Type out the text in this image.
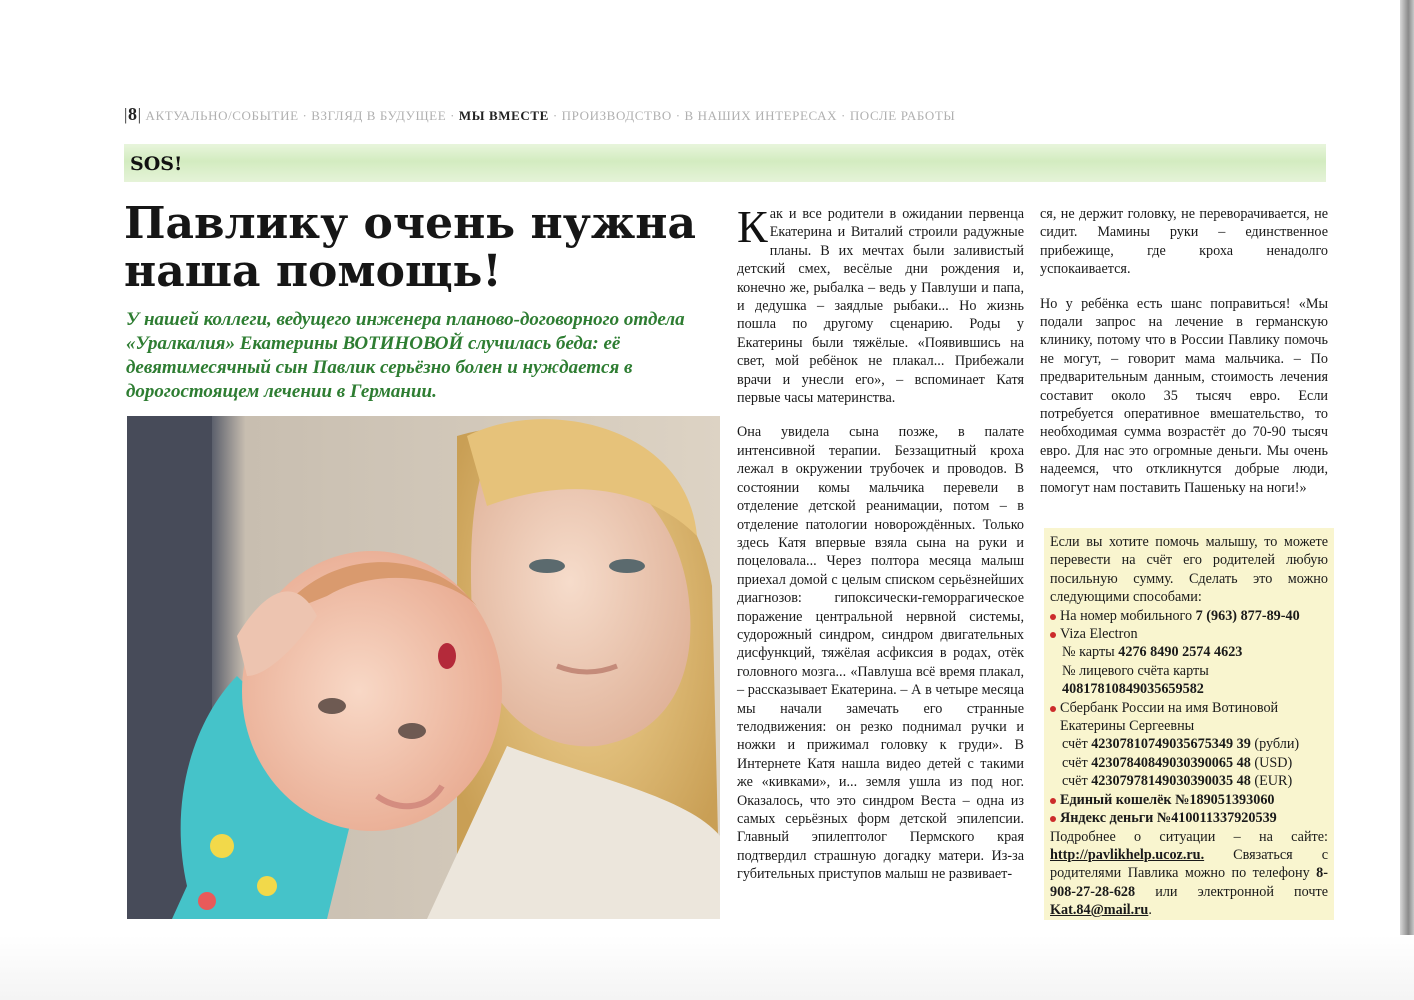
|8| АКТУАЛЬНО/СОБЫТИЕ · ВЗГЛЯД В БУДУЩЕЕ · МЫ ВМЕСТЕ · ПРОИЗВОДСТВО · В НАШИХ ИНТЕРЕСАХ · ПОСЛЕ РАБОТЫ
SOS!
Павлику очень нужна
наша помощь!

У нашей коллеги, ведущего инженера планово-договорного отдела «Уралкалия» Екатерины ВОТИНОВОЙ случилась беда: её девятимесячный сын Павлик серьёзно болен и нуждается в дорогостоящем лечении в Германии.

Как и все родители в ожидании первенца Екатерина и Виталий строили радужные планы. В их мечтах были заливистый детский смех, весёлые дни рождения и, конечно же, рыбалка – ведь у Павлуши и папа, и дедушка – заядлые рыбаки... Но жизнь пошла по другому сценарию. Роды у Екатерины были тяжёлые. «Появившись на свет, мой ребёнок не плакал... Прибежали врачи и унесли его», – вспоминает Катя первые часы материнства.

Она увидела сына позже, в палате интенсивной терапии. Беззащитный кроха лежал в окружении трубочек и проводов. В состоянии комы мальчика перевели в отделение детской реанимации, потом – в отделение патологии новорождённых. Только здесь Катя впервые взяла сына на руки и поцеловала... Через полтора месяца малыш приехал домой с целым списком серьёзнейших диагнозов: гипоксически-геморрагическое поражение центральной нервной системы, судорожный синдром, синдром двигательных дисфункций, тяжёлая асфиксия в родах, отёк головного мозга... «Павлуша всё время плакал, – рассказывает Екатерина. – А в четыре месяца мы начали замечать его странные телодвижения: он резко поднимал ручки и ножки и прижимал головку к груди». В Интернете Катя нашла видео детей с такими же «кивками», и... земля ушла из под ног. Оказалось, что это синдром Веста – одна из самых серьёзных форм детской эпилепсии. Главный эпилептолог Пермского края подтвердил страшную догадку матери. Из-за губительных приступов малыш не развивает-

ся, не держит головку, не переворачивается, не сидит. Мамины руки – единственное прибежище, где кроха ненадолго успокаивается.

Но у ребёнка есть шанс поправиться! «Мы подали запрос на лечение в германскую клинику, потому что в России Павлику помочь не могут, – говорит мама мальчика. – По предварительным данным, стоимость лечения составит около 35 тысяч евро. Если потребуется оперативное вмешательство, то необходимая сумма возрастёт до 70-90 тысяч евро. Для нас это огромные деньги. Мы очень надеемся, что откликнутся добрые люди, помогут нам поставить Пашеньку на ноги!»

Если вы хотите помочь малышу, то можете перевести на счёт его родителей любую посильную сумму. Сделать это можно следующими способами:

На номер мобильного 7 (963) 877-89-40
Viza Electron
№ карты 4276 8490 2574 4623
№ лицевого счёта карты
40817810849035659582
Сбербанк России на имя Вотиновой Екатерины Сергеевны
счёт 42307810749035675349 39 (рубли)
счёт 42307840849030390065 48 (USD)
счёт 42307978149030390035 48 (EUR)
Единый кошелёк №189051393060
Яндекс деньги №410011337920539

Подробнее о ситуации – на сайте: http://pavlikhelp.ucoz.ru. Связаться с родителями Павлика можно по телефону 8-908-27-28-628 или электронной почте Kat.84@mail.ru.
